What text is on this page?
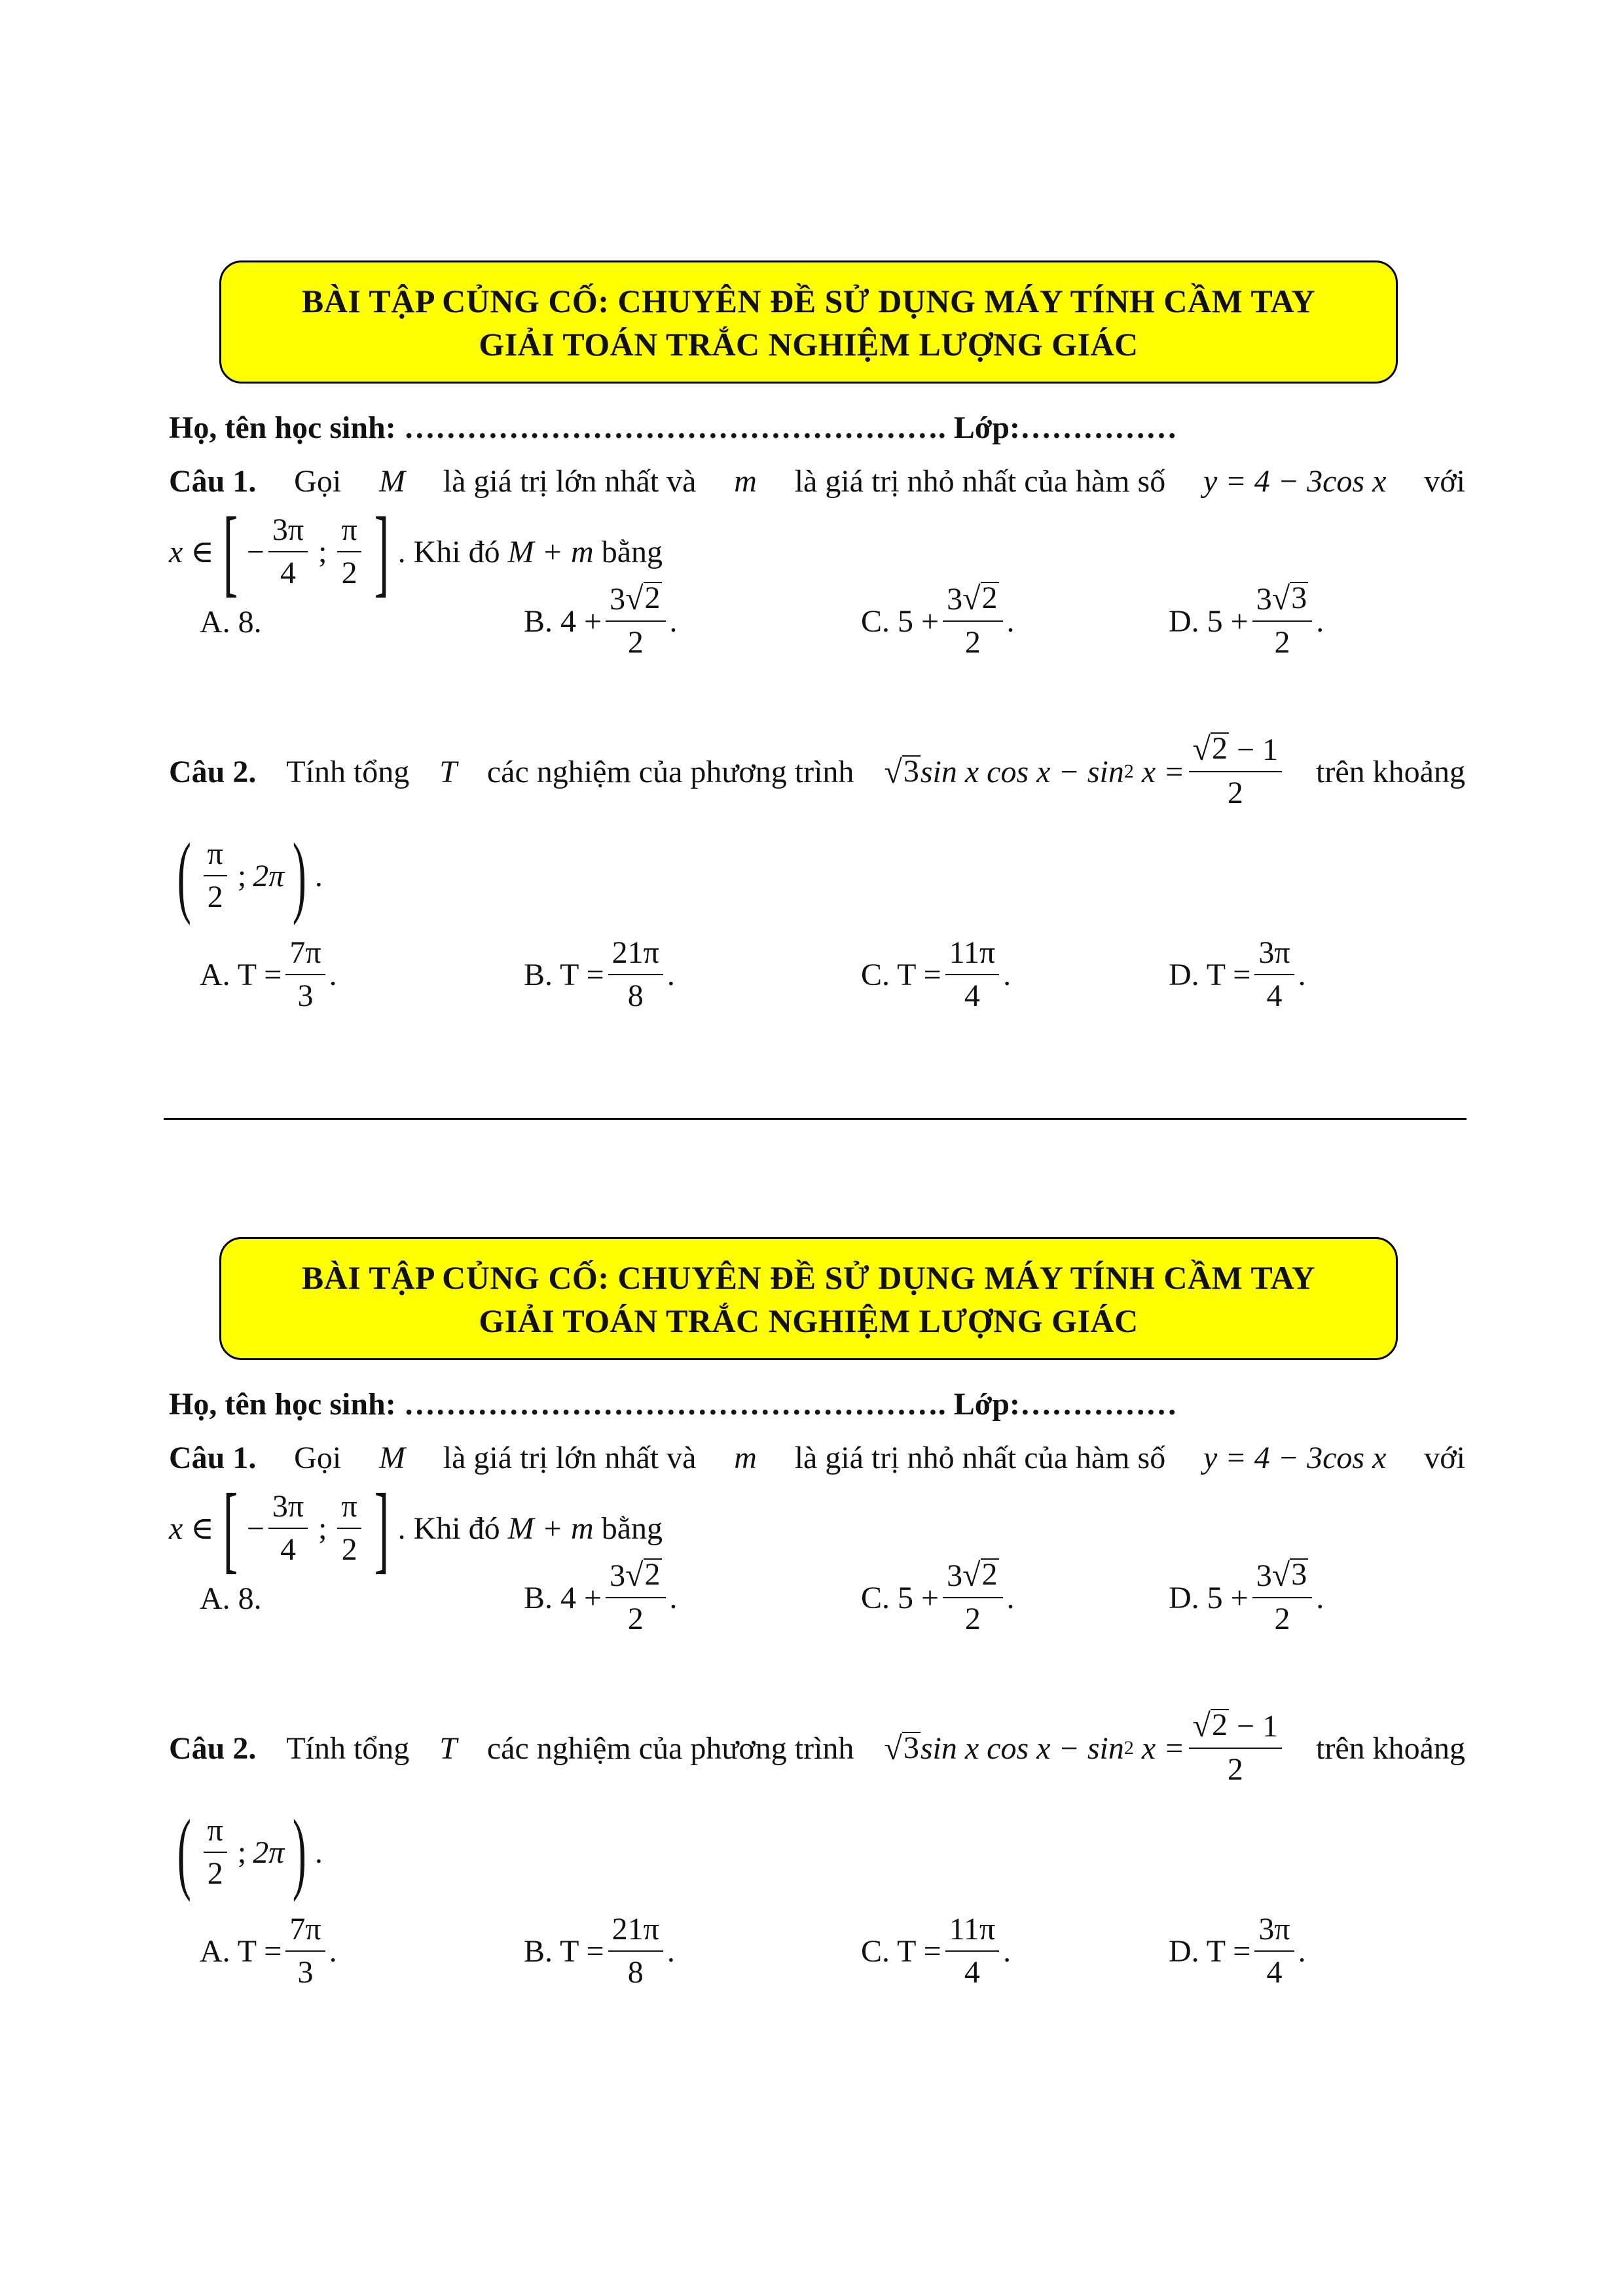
BÀI TẬP CỦNG CỐ: CHUYÊN ĐỀ SỬ DỤNG MÁY TÍNH CẦM TAY
GIẢI TOÁN TRẮC NGHIỆM LƯỢNG GIÁC
Họ, tên học sinh: ……………………………………………. Lớp:……………
Câu 1. Gọi M là giá trị lớn nhất và m là giá trị nhỏ nhất của hàm số y = 4 − 3cos x với
x ∈ [ − $\frac{3\pi}{4}$ ; $\frac{\pi}{2}$ ] . Khi đó
M + m
bằng
A. 8.	B. $4 + \frac{3 √ 2}{2}$ .	C. $5 + \frac{3 √ 2}{2}$ .	D. $5 + \frac{3 √ 3}{2}$ .
Câu 2. Tính tổng T các nghiệm của phương trình √ 3 sin x cos x − sin 2
$x = \frac{√ 2 - 1}{2}$ trên khoảng
( $\frac{\pi}{2}$ ; 2π ) .
A. $T = \frac{7\pi}{3}$ .	B. $T = \frac{21\pi}{8}$ .	C. $T = \frac{11\pi}{4}$ .	D. $T = \frac{3\pi}{4}$ .
BÀI TẬP CỦNG CỐ: CHUYÊN ĐỀ SỬ DỤNG MÁY TÍNH CẦM TAY
GIẢI TOÁN TRẮC NGHIỆM LƯỢNG GIÁC
Họ, tên học sinh: ……………………………………………. Lớp:……………
Câu 1. Gọi M là giá trị lớn nhất và m là giá trị nhỏ nhất của hàm số y = 4 − 3cos x với
x ∈ [ − $\frac{3\pi}{4}$ ; $\frac{\pi}{2}$ ] . Khi đó
M + m
bằng
A. 8.	B. $4 + \frac{3 √ 2}{2}$ .	C. $5 + \frac{3 √ 2}{2}$ .	D. $5 + \frac{3 √ 3}{2}$ .
Câu 2. Tính tổng T các nghiệm của phương trình √ 3 sin x cos x − sin 2
$x = \frac{√ 2 - 1}{2}$ trên khoảng
( $\frac{\pi}{2}$ ; 2π ) .
A. $T = \frac{7\pi}{3}$ .	B. $T = \frac{21\pi}{8}$ .	C. $T = \frac{11\pi}{4}$ .	D. $T = \frac{3\pi}{4}$ .
